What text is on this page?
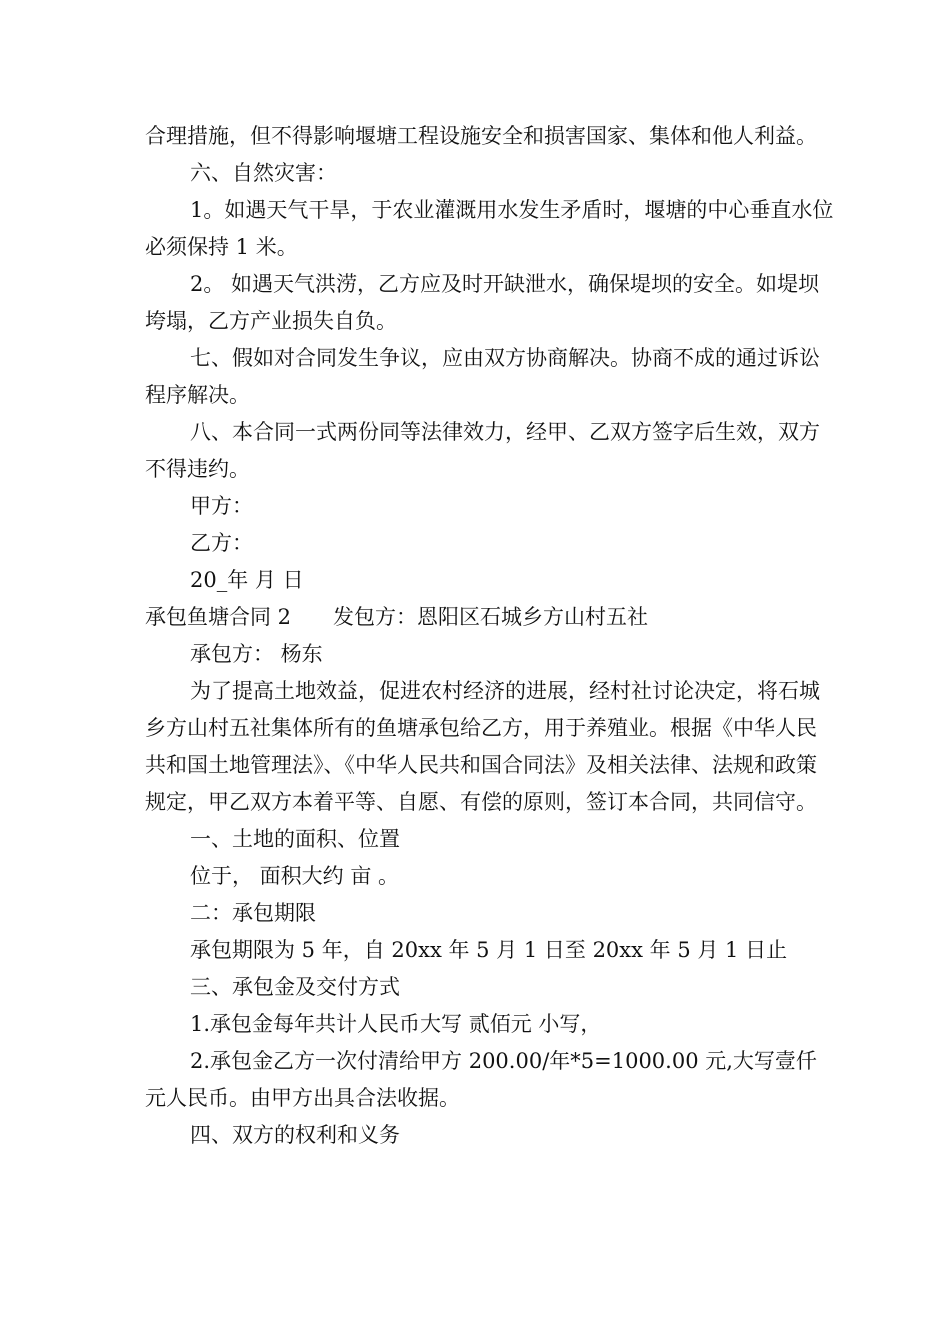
合理措施，但不得影响堰塘工程设施安全和损害国家、集体和他人利益。

六、自然灾害：

1。如遇天气干旱，于农业灌溉用水发生矛盾时，堰塘的中心垂直水位必须保持 1 米。

2。 如遇天气洪涝，乙方应及时开缺泄水，确保堤坝的安全。如堤坝垮塌，乙方产业损失自负。

七、假如对合同发生争议，应由双方协商解决。协商不成的通过诉讼程序解决。

八、本合同一式两份同等法律效力，经甲、乙双方签字后生效，双方不得违约。

甲方：

乙方：

20_年 月 日

承包鱼塘合同 2　　发包方：恩阳区石城乡方山村五社

承包方： 杨东

为了提高土地效益，促进农村经济的进展，经村社讨论决定，将石城乡方山村五社集体所有的鱼塘承包给乙方，用于养殖业。根据《中华人民共和国土地管理法》、《中华人民共和国合同法》及相关法律、法规和政策规定，甲乙双方本着平等、自愿、有偿的原则，签订本合同，共同信守。

一、土地的面积、位置

位于， 面积大约 亩 。

二：承包期限

承包期限为 5 年，自 20xx 年 5 月 1 日至 20xx 年 5 月 1 日止

三、承包金及交付方式

1.承包金每年共计人民币大写 贰佰元 小写，

2.承包金乙方一次付清给甲方 200.00/年*5=1000.00 元,大写壹仟元人民币。由甲方出具合法收据。

四、双方的权利和义务
